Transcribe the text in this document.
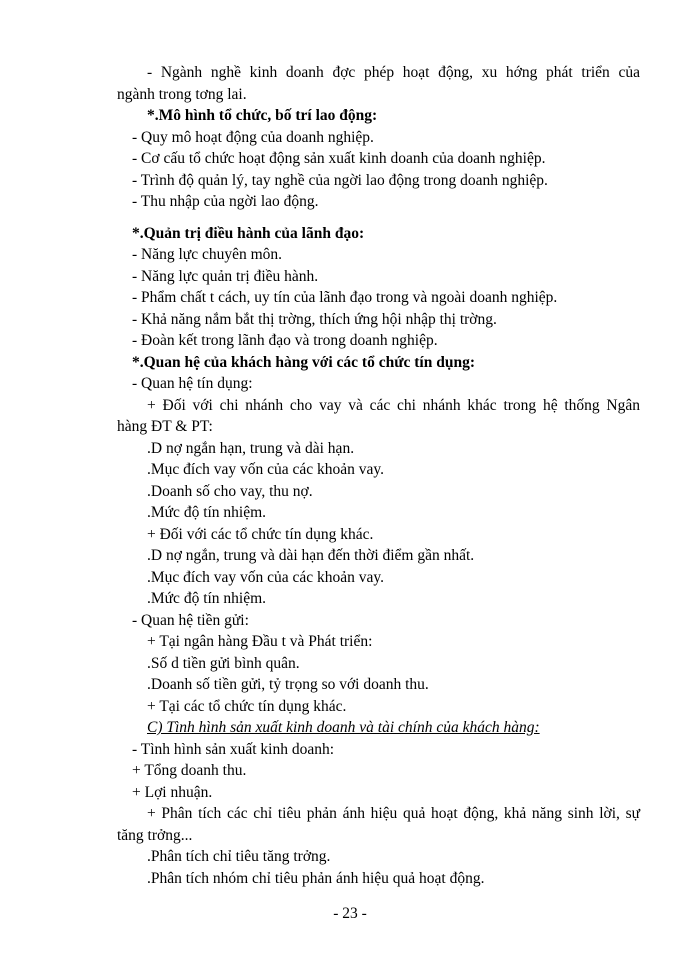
- Ngành nghề kinh doanh đợc phép hoạt động, xu hớng phát triển của
ngành trong tơng lai.
*.Mô hình tổ chức, bố trí lao động:
- Quy mô hoạt động của doanh nghiệp.
- Cơ cấu tổ chức hoạt động sản xuất kinh doanh của doanh nghiệp.
- Trình độ quản lý, tay nghề của ngời lao động trong doanh nghiệp.
- Thu nhập của ngời lao động.
*.Quản trị điều hành của lãnh đạo:
- Năng lực chuyên môn.
- Năng lực quản trị điều hành.
- Phẩm chất t cách, uy tín của lãnh đạo trong và ngoài doanh nghiệp.
- Khả năng nắm bắt thị trờng, thích ứng hội nhập thị trờng.
- Đoàn kết trong lãnh đạo và trong doanh nghiệp.
*.Quan hệ của khách hàng với các tổ chức tín dụng:
- Quan hệ tín dụng:
+ Đối với chi nhánh cho vay và các chi nhánh khác trong hệ thống Ngân
hàng ĐT & PT:
.D nợ ngắn hạn, trung và dài hạn.
.Mục đích vay vốn của các khoản vay.
.Doanh số cho vay, thu nợ.
.Mức độ tín nhiệm.
+ Đối với các tổ chức tín dụng khác.
.D nợ ngắn, trung và dài hạn đến thời điểm gần nhất.
.Mục đích vay vốn của các khoản vay.
.Mức độ tín nhiệm.
- Quan hệ tiền gửi:
+ Tại ngân hàng Đầu t và Phát triển:
.Số d tiền gửi bình quân.
.Doanh số tiền gửi, tỷ trọng so với doanh thu.
+ Tại các tổ chức tín dụng khác.
C) Tình hình sản xuất kinh doanh và tài chính của khách hàng:
- Tình hình sản xuất kinh doanh:
+ Tổng doanh thu.
+ Lợi nhuận.
+ Phân tích các chỉ tiêu phản ánh hiệu quả hoạt động, khả năng sinh lời, sự
tăng trởng...
.Phân tích chỉ tiêu tăng trởng.
.Phân tích nhóm chỉ tiêu phản ánh hiệu quả hoạt động.
- 23 -
